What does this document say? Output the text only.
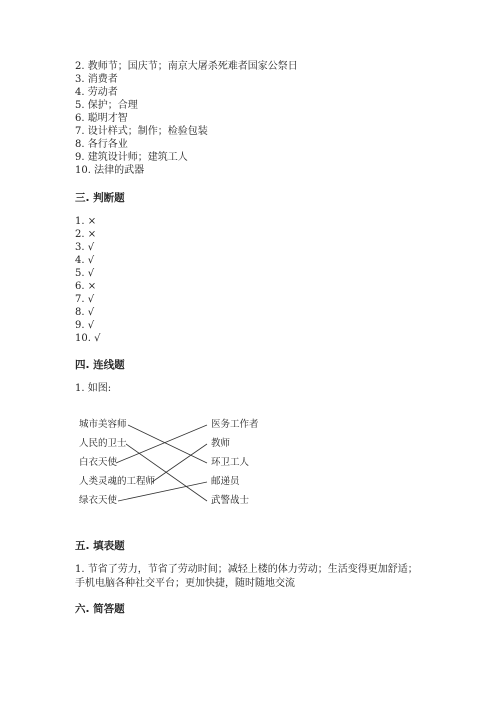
2. 教师节；国庆节；南京大屠杀死难者国家公祭日
3. 消费者
4. 劳动者
5. 保护；合理
6. 聪明才智
7. 设计样式；制作；检验包装
8. 各行各业
9. 建筑设计师；建筑工人
10. 法律的武器
三. 判断题
1. ×
2. ×
3. √
4. √
5. √
6. ×
7. √
8. √
9. √
10. √
四. 连线题
1. 如图:
城市美容师
人民的卫士
白衣天使
人类灵魂的工程师
绿衣天使
医务工作者
教师
环卫工人
邮递员
武警战士
五. 填表题
1. 节省了劳力，节省了劳动时间；减轻上楼的体力劳动；生活变得更加舒适；
手机电脑各种社交平台；更加快捷，随时随地交流
六. 简答题
